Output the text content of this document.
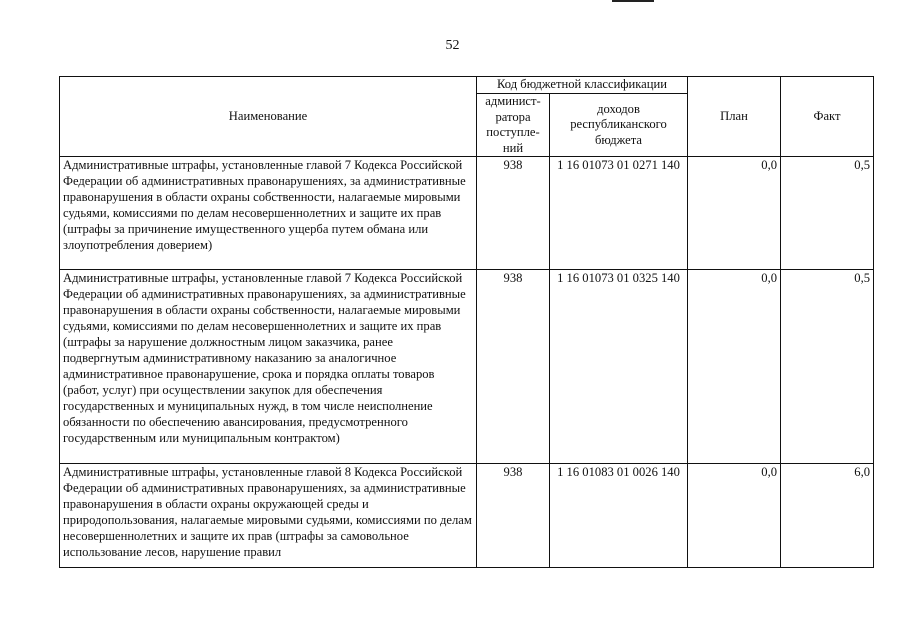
52
Наименование	Код бюджетной классификации		План	Факт
	админист-ратора поступле-ний	доходов республиканского бюджета		
Административные штрафы, установленные главой 7 Кодекса Российской Федерации об административных правонарушениях, за административные правонарушения в области охраны собственности, налагаемые мировыми судьями, комиссиями по делам несовершеннолетних и защите их прав (штрафы за причинение имущественного ущерба путем обмана или злоупотребления доверием)	938	1 16 01073 01 0271 140	0,0	0,5
Административные штрафы, установленные главой 7 Кодекса Российской Федерации об административных правонарушениях, за административные правонарушения в области охраны собственности, налагаемые мировыми судьями, комиссиями по делам несовершеннолетних и защите их прав (штрафы за нарушение должностным лицом заказчика, ранее подвергнутым административному наказанию за аналогичное административное правонарушение, срока и порядка оплаты товаров (работ, услуг) при осуществлении закупок для обеспечения государственных и муниципальных нужд, в том числе неисполнение обязанности по обеспечению авансирования, предусмотренного государственным или муниципальным контрактом)	938	1 16 01073 01 0325 140	0,0	0,5
Административные штрафы, установленные главой 8 Кодекса Российской Федерации об административных правонарушениях, за административные правонарушения в области охраны окружающей среды и природопользования, налагаемые мировыми судьями, комиссиями по делам несовершеннолетних и защите их прав (штрафы за самовольное использование лесов, нарушение правил	938	1 16 01083 01 0026 140	0,0	6,0
